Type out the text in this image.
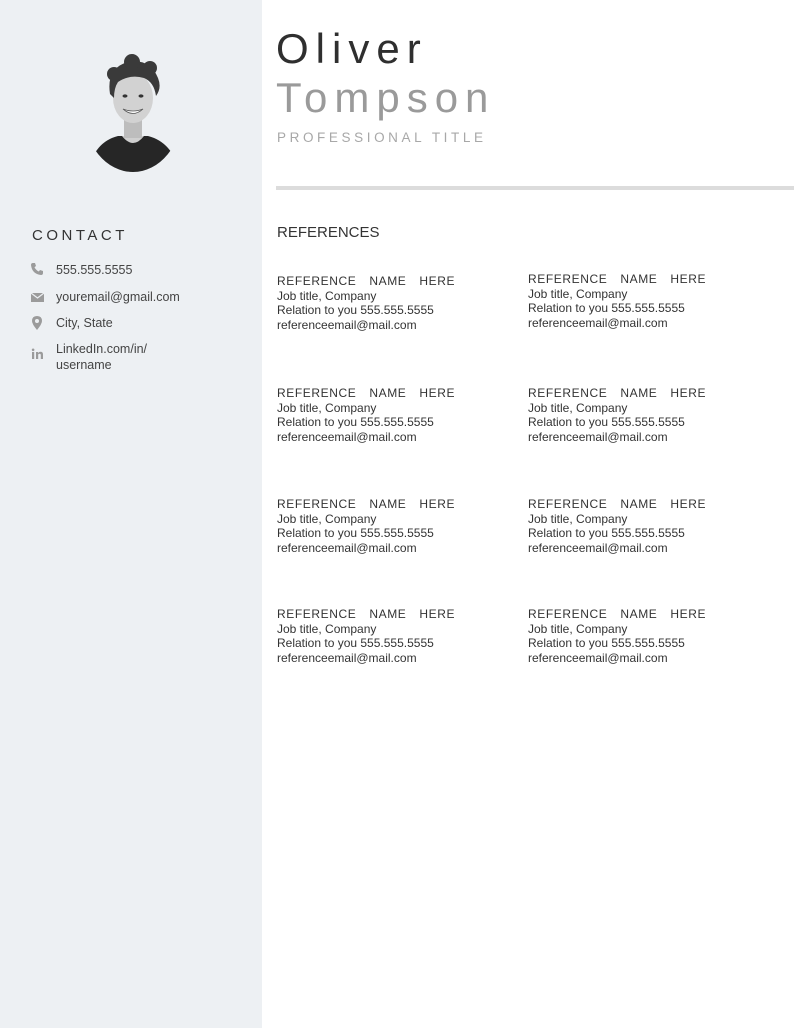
CONTACT
555.555.5555
youremail@gmail.com
City, State
LinkedIn.com/in/
username
Oliver
Tompson
PROFESSIONAL TITLE
REFERENCES
REFERENCE NAME HERE
Job title, Company
Relation to you 555.555.5555
referenceemail@mail.com
REFERENCE NAME HERE
Job title, Company
Relation to you 555.555.5555
referenceemail@mail.com
REFERENCE NAME HERE
Job title, Company
Relation to you 555.555.5555
referenceemail@mail.com
REFERENCE NAME HERE
Job title, Company
Relation to you 555.555.5555
referenceemail@mail.com
REFERENCE NAME HERE
Job title, Company
Relation to you 555.555.5555
referenceemail@mail.com
REFERENCE NAME HERE
Job title, Company
Relation to you 555.555.5555
referenceemail@mail.com
REFERENCE NAME HERE
Job title, Company
Relation to you 555.555.5555
referenceemail@mail.com
REFERENCE NAME HERE
Job title, Company
Relation to you 555.555.5555
referenceemail@mail.com
